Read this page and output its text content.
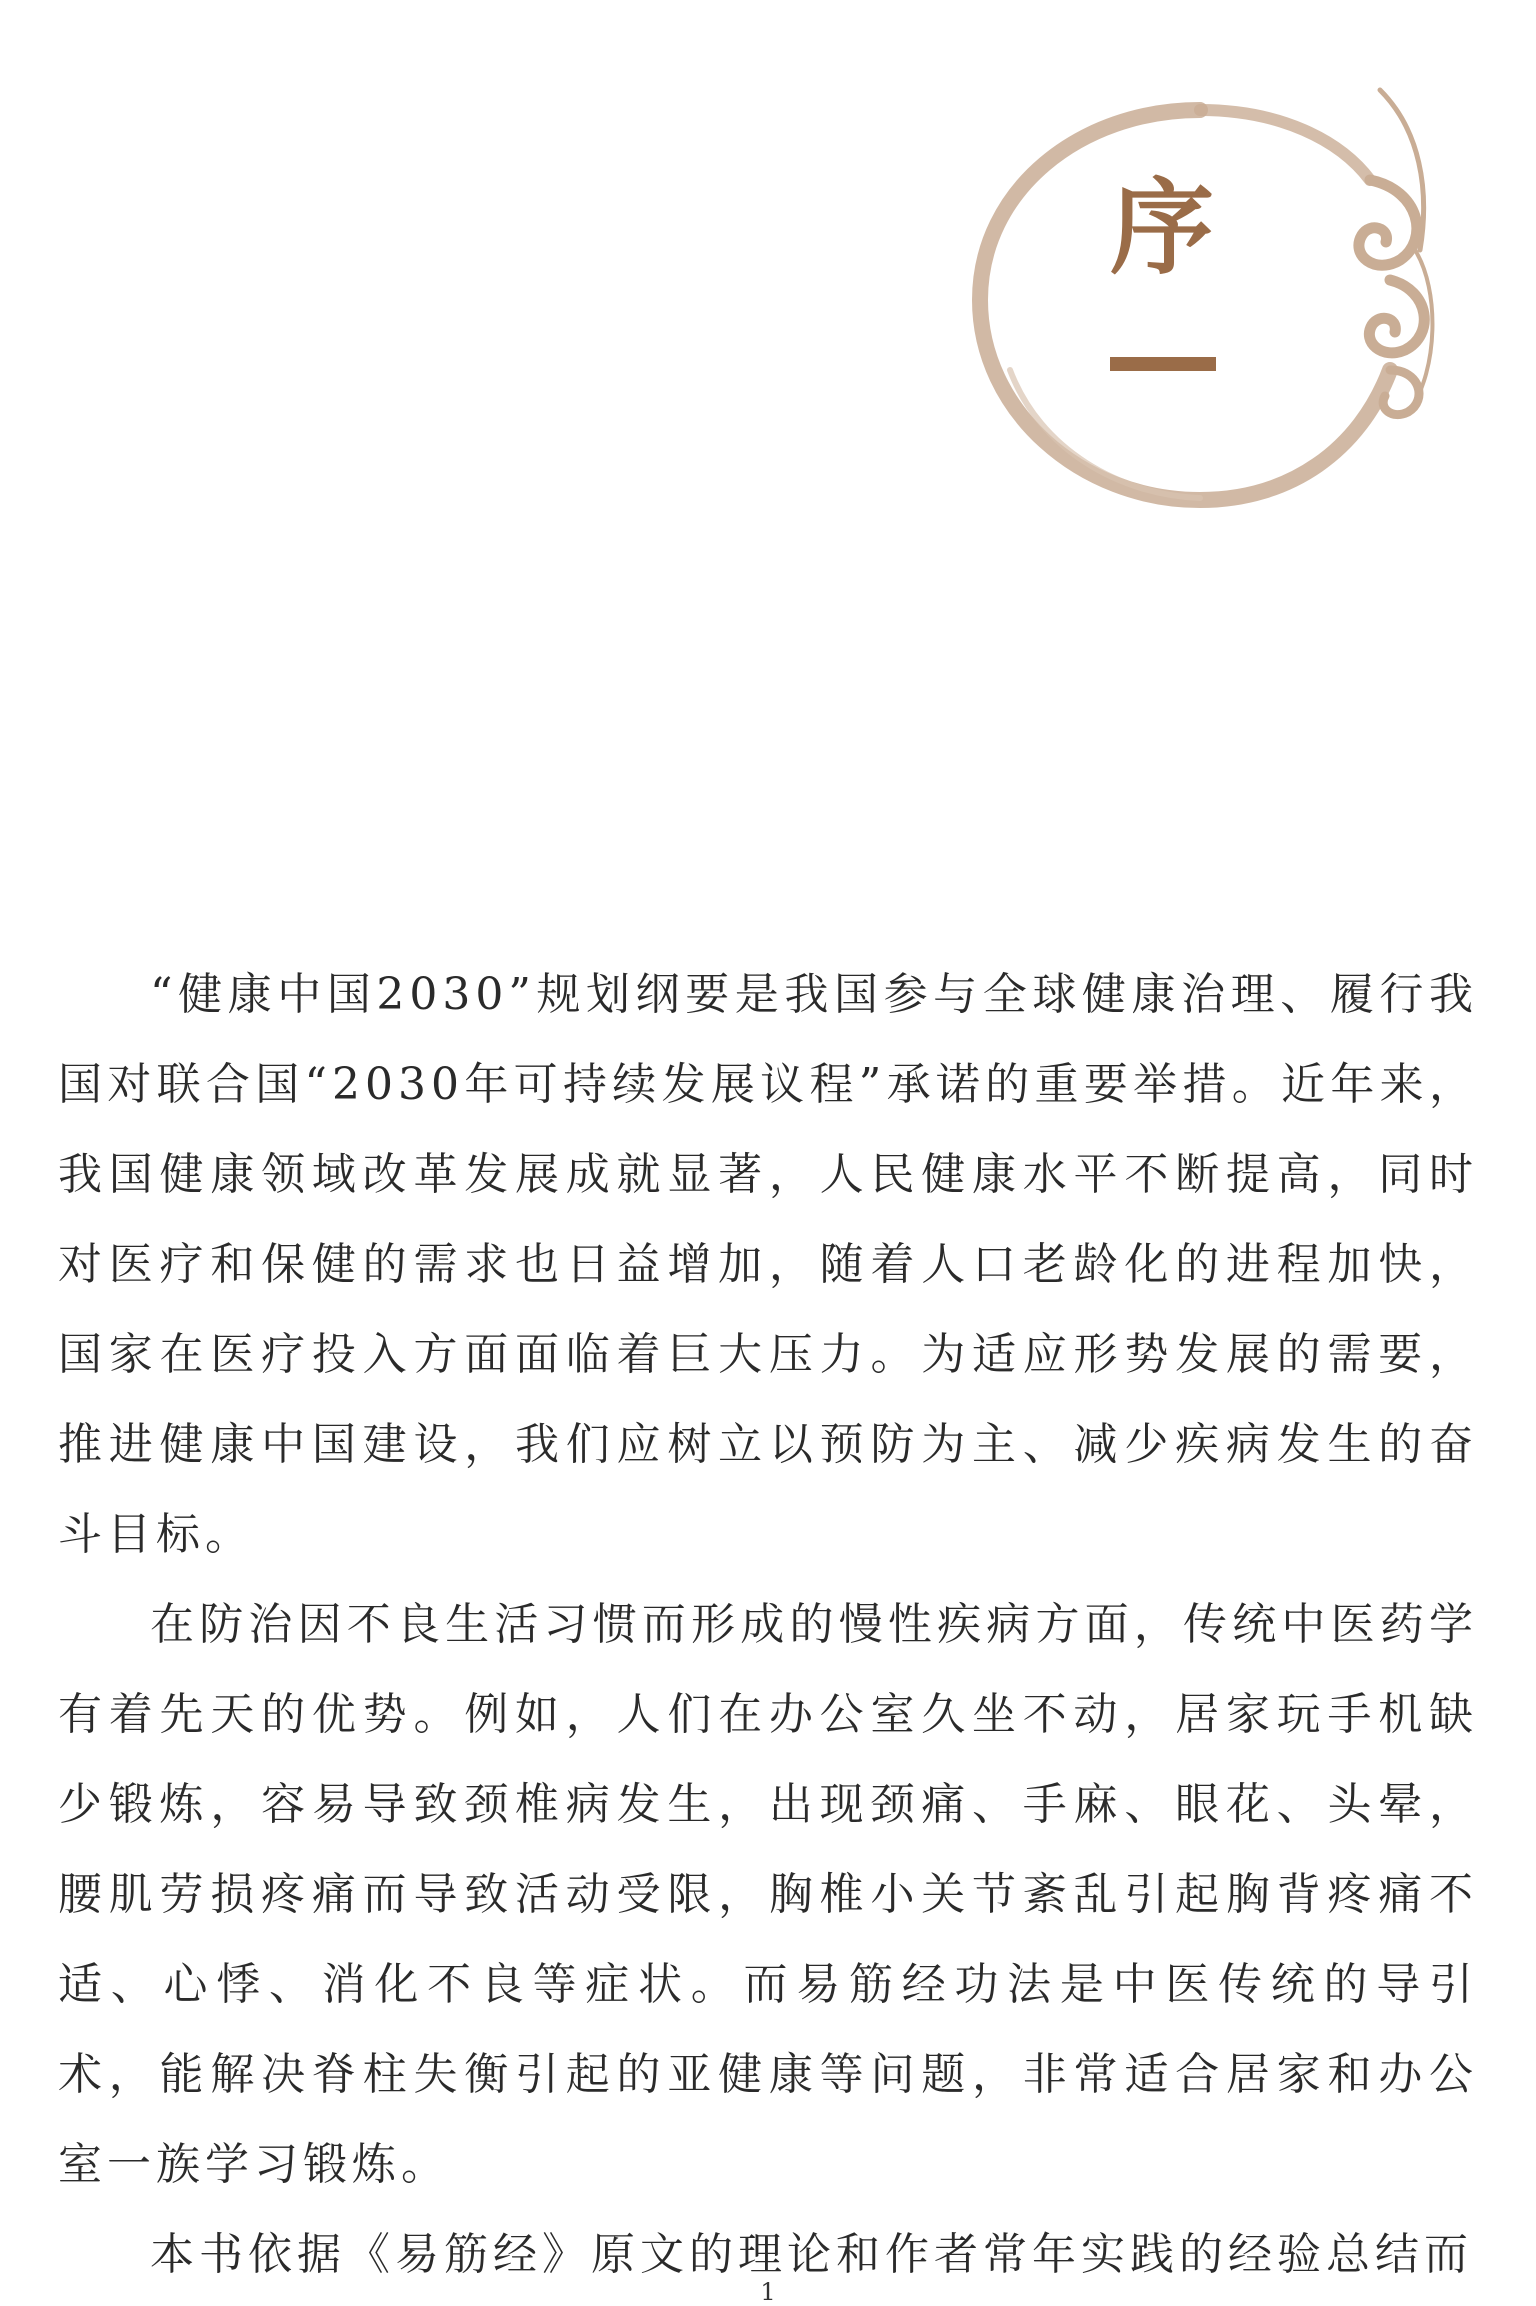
序

“健康中国2030”规划纲要是我国参与全球健康治理、履行我国对联合国“2030年可持续发展议程”承诺的重要举措。近年来，我国健康领域改革发展成就显著，人民健康水平不断提高，同时对医疗和保健的需求也日益增加，随着人口老龄化的进程加快，国家在医疗投入方面面临着巨大压力。为适应形势发展的需要，推进健康中国建设，我们应树立以预防为主、减少疾病发生的奋斗目标。

在防治因不良生活习惯而形成的慢性疾病方面，传统中医药学有着先天的优势。例如，人们在办公室久坐不动，居家玩手机缺少锻炼，容易导致颈椎病发生，出现颈痛、手麻、眼花、头晕，腰肌劳损疼痛而导致活动受限，胸椎小关节紊乱引起胸背疼痛不适、心悸、消化不良等症状。而易筋经功法是中医传统的导引术，能解决脊柱失衡引起的亚健康等问题，非常适合居家和办公室一族学习锻炼。

本书依据《易筋经》原文的理论和作者常年实践的经验总结而

1
